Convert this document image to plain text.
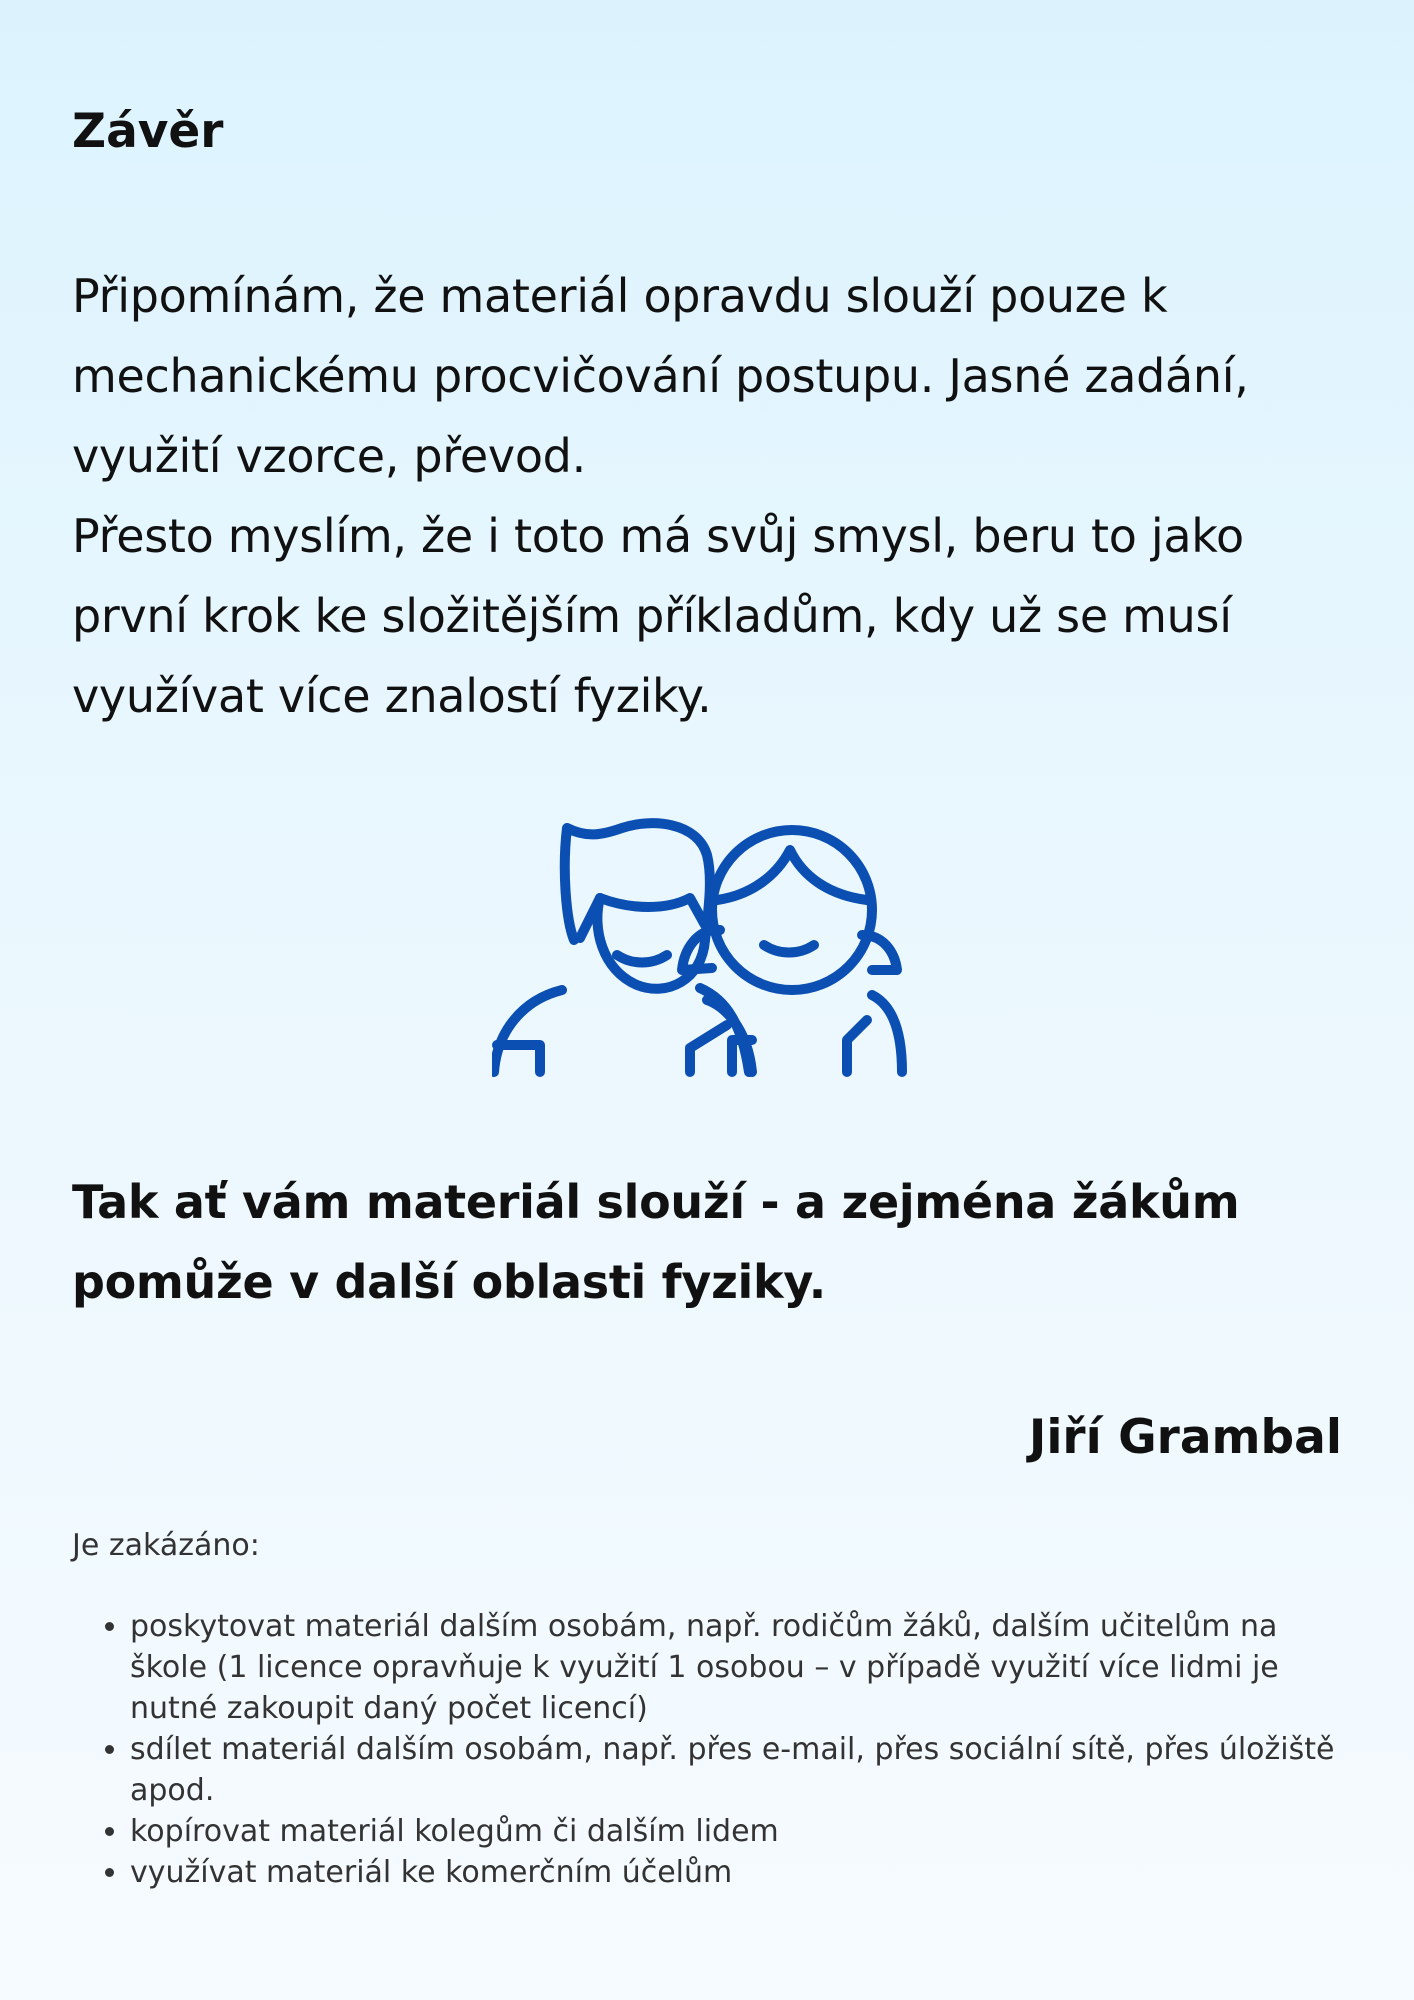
Závěr

Připomínám, že materiál opravdu slouží pouze k mechanickému procvičování postupu. Jasné zadání, využití vzorce, převod.

Přesto myslím, že i toto má svůj smysl, beru to jako první krok ke složitějším příkladům, kdy už se musí využívat více znalostí fyziky.

Tak ať vám materiál slouží - a zejména žákům pomůže v další oblasti fyziky.

Jiří Grambal

Je zakázáno:

• poskytovat materiál dalším osobám, např. rodičům žáků, dalším učitelům na škole (1 licence opravňuje k využití 1 osobou – v případě využití více lidmi je nutné zakoupit daný počet licencí)
• sdílet materiál dalším osobám, např. přes e-mail, přes sociální sítě, přes úložiště apod.
• kopírovat materiál kolegům či dalším lidem
• využívat materiál ke komerčním účelům
